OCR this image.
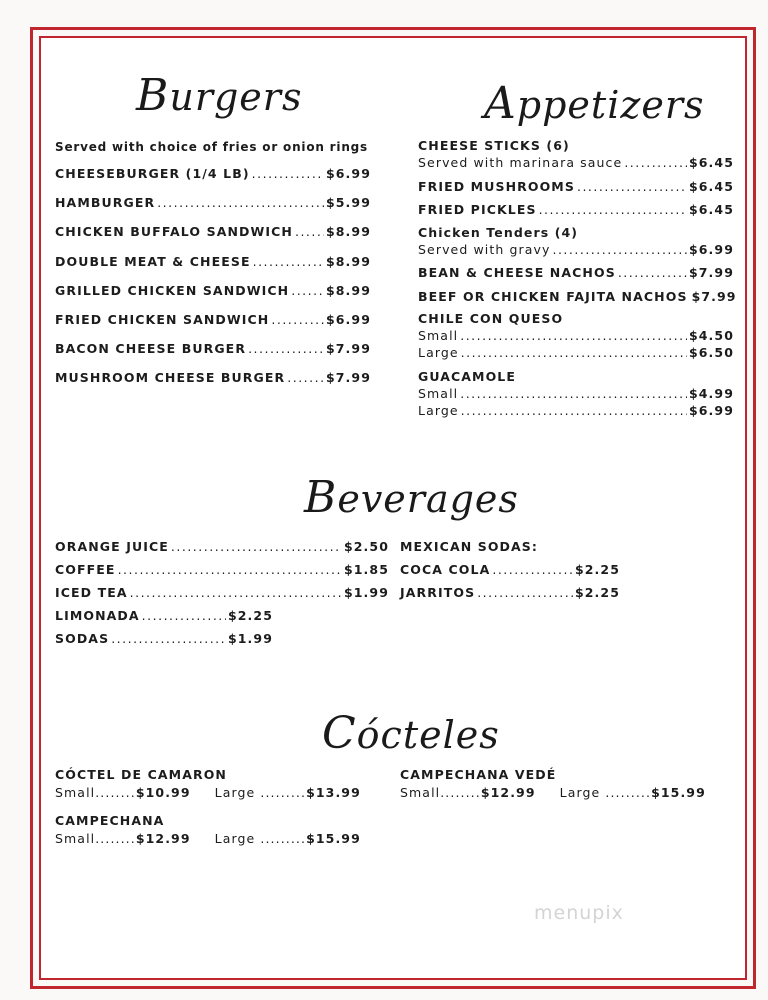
Burgers
Served with choice of fries or onion rings
CHEESEBURGER (1/4 LB) .....	$6.99
HAMBURGER .....	$5.99
CHICKEN BUFFALO SANDWICH .....	$8.99
DOUBLE MEAT & CHEESE .....	$8.99
GRILLED CHICKEN SANDWICH .....	$8.99
FRIED CHICKEN SANDWICH .....	$6.99
BACON CHEESE BURGER .....	$7.99
MUSHROOM CHEESE BURGER .....	$7.99
Appetizers
CHEESE STICKS (6)
Served with marinara sauce .....	$6.45
FRIED MUSHROOMS .....	$6.45
FRIED PICKLES .....	$6.45
Chicken Tenders (4)
Served with gravy .....	$6.99
BEAN & CHEESE NACHOS .....	$7.99
BEEF OR CHICKEN FAJITA NACHOS $7.99
CHILE CON QUESO
Small .....	$4.50
Large .....	$6.50
GUACAMOLE
Small .....	$4.99
Large .....	$6.99
Beverages
ORANGE JUICE .....	$2.50
COFFEE .....	$1.85
ICED TEA .....	$1.99
LIMONADA .....	$2.25
SODAS .....	$1.99
MEXICAN SODAS:
COCA COLA .....	$2.25
JARRITOS .....	$2.25
Cócteles
CÓCTEL DE CAMARON
Small ........ $10.99 Large ......... $13.99
CAMPECHANA VEDÉ
Small ........ $12.99 Large ......... $15.99
CAMPECHANA
Small ........ $12.99 Large ......... $15.99
menupix
